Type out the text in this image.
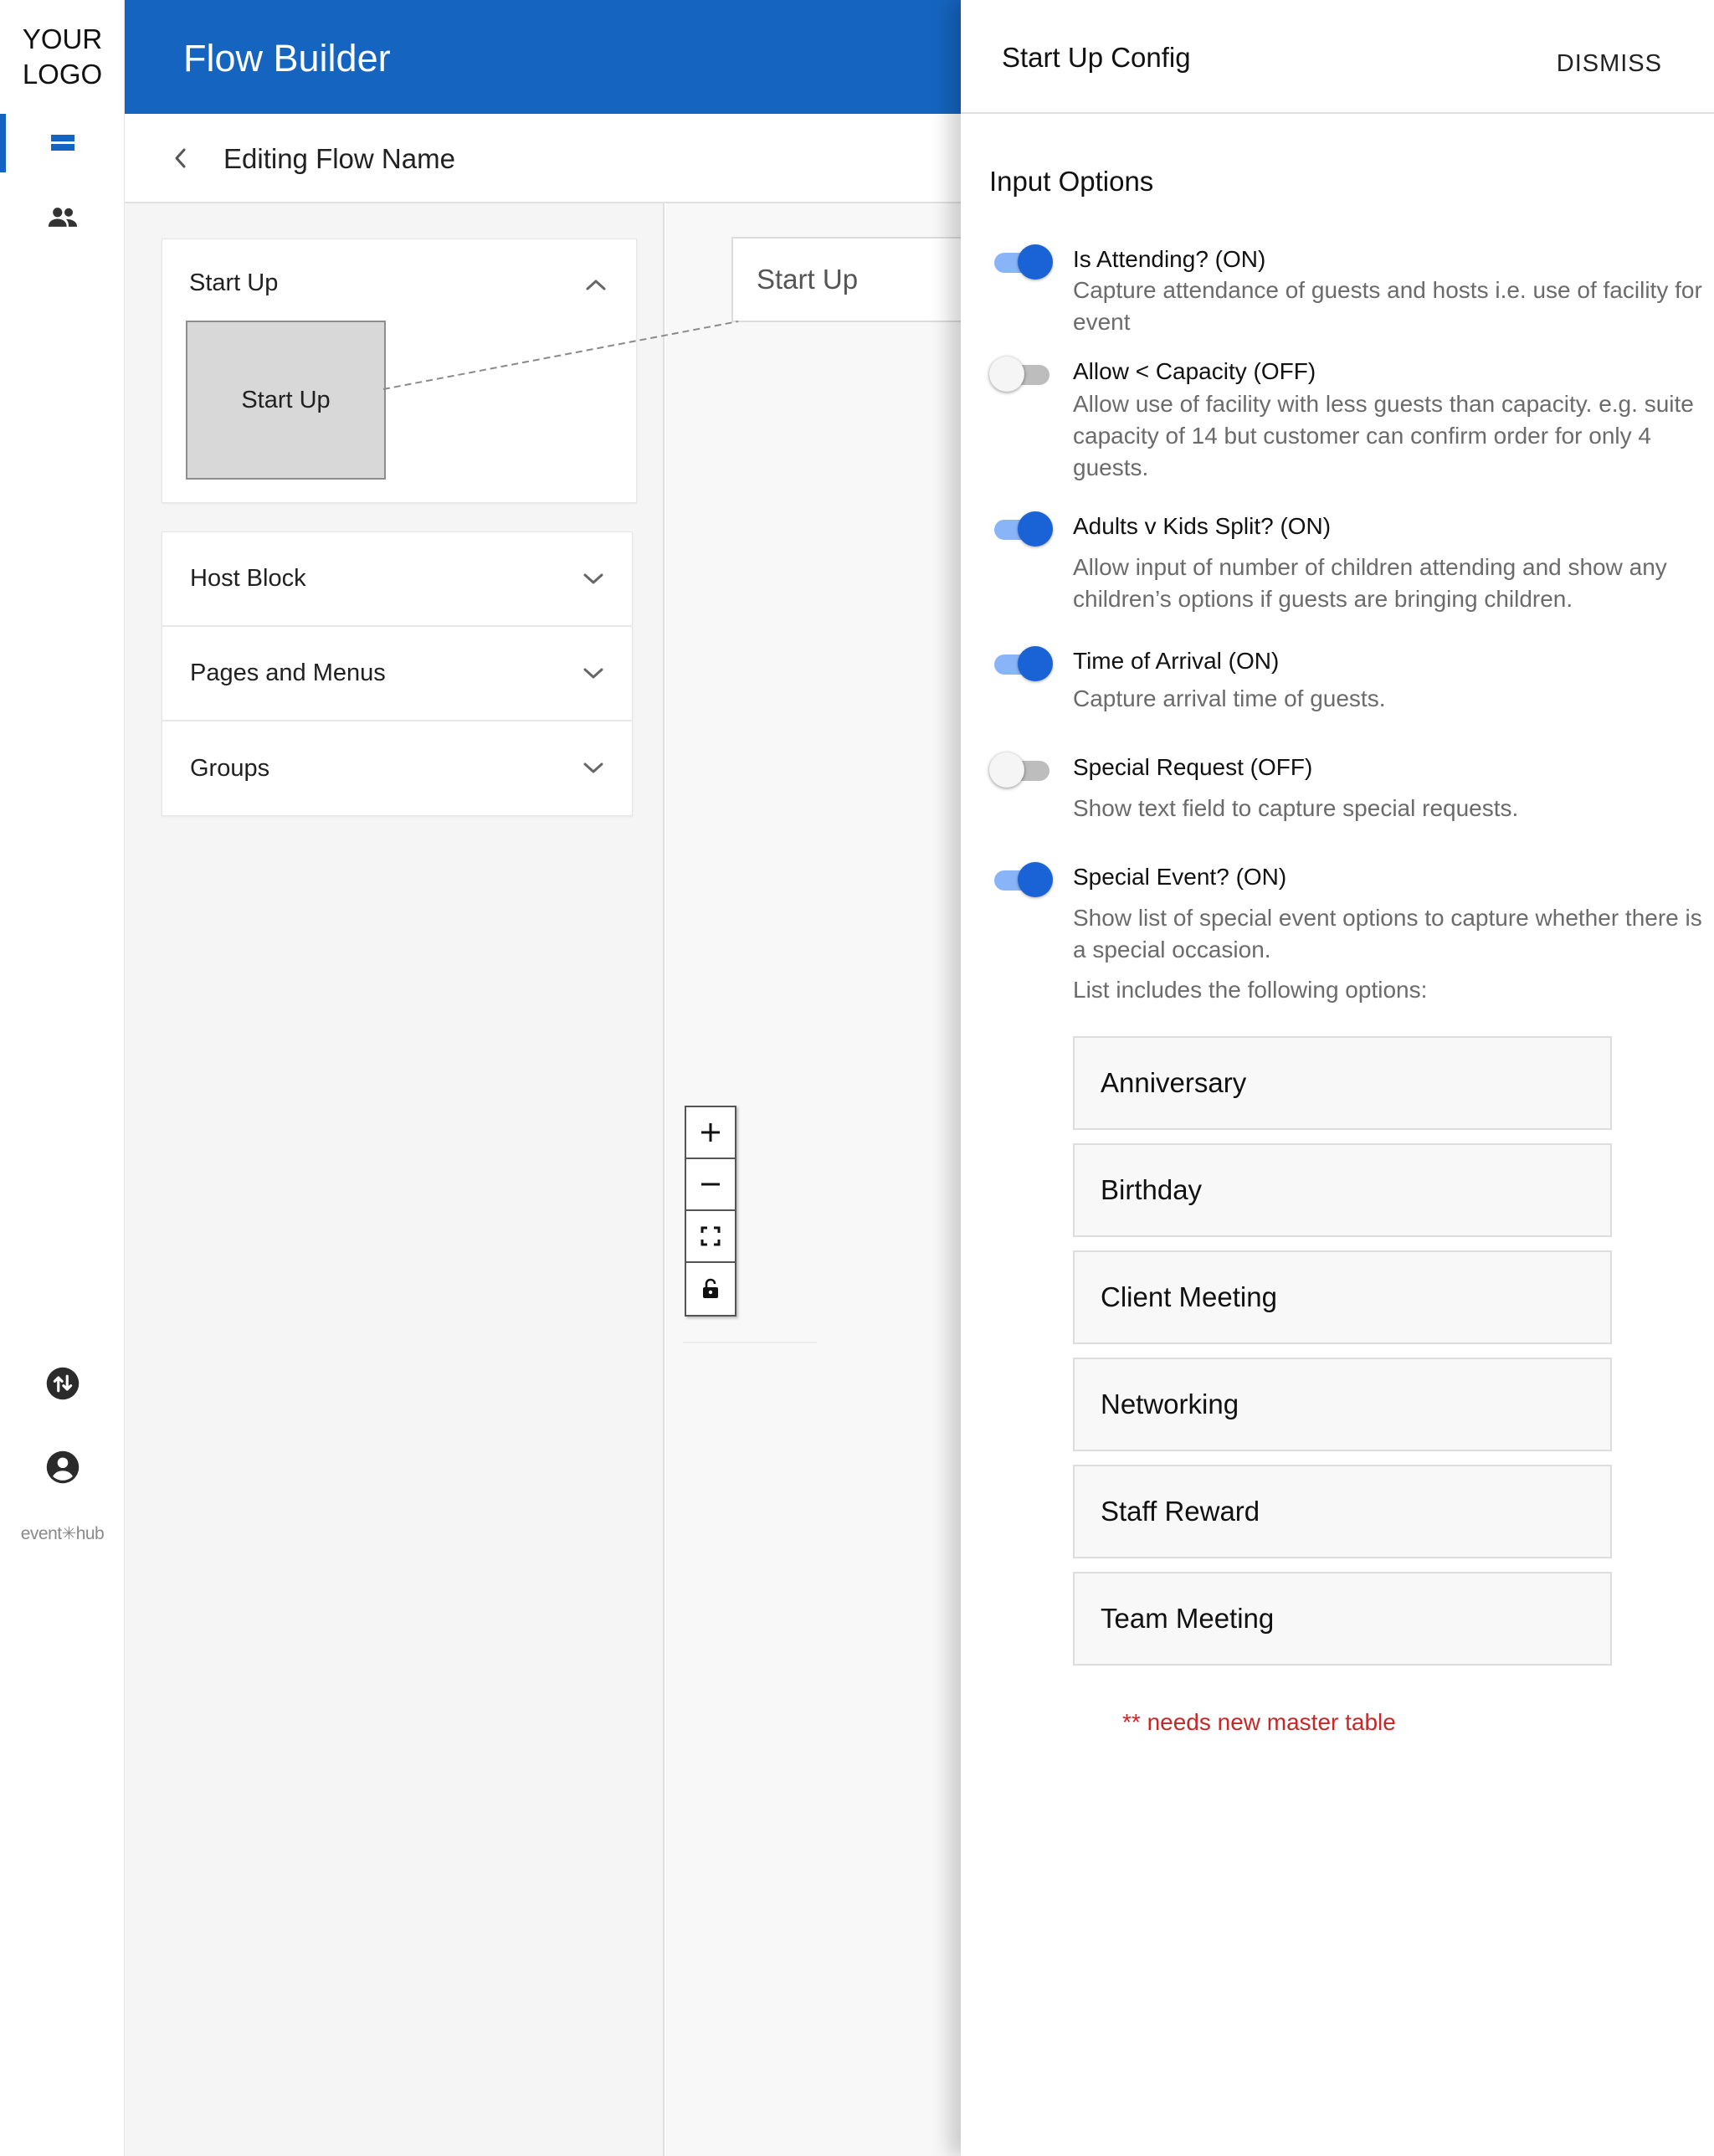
YOUR
LOGO
event✳hub
Flow Builder
Editing Flow Name
Start Up
Start Up
Host Block
Pages and Menus
Groups
Start Up
Start Up Config	DISMISS
Input Options
Is Attending? (ON)
Capture attendance of guests and hosts i.e. use of facility for event
Allow < Capacity (OFF)
Allow use of facility with less guests than capacity. e.g. suite capacity of 14 but customer can confirm order for only 4 guests.
Adults v Kids Split? (ON)
Allow input of number of children attending and show any children’s options if guests are bringing children.
Time of Arrival (ON)
Capture arrival time of guests.
Special Request (OFF)
Show text field to capture special requests.
Special Event? (ON)
Show list of special event options to capture whether there is a special occasion.
List includes the following options:
Anniversary
Birthday
Client Meeting
Networking
Staff Reward
Team Meeting
** needs new master table
